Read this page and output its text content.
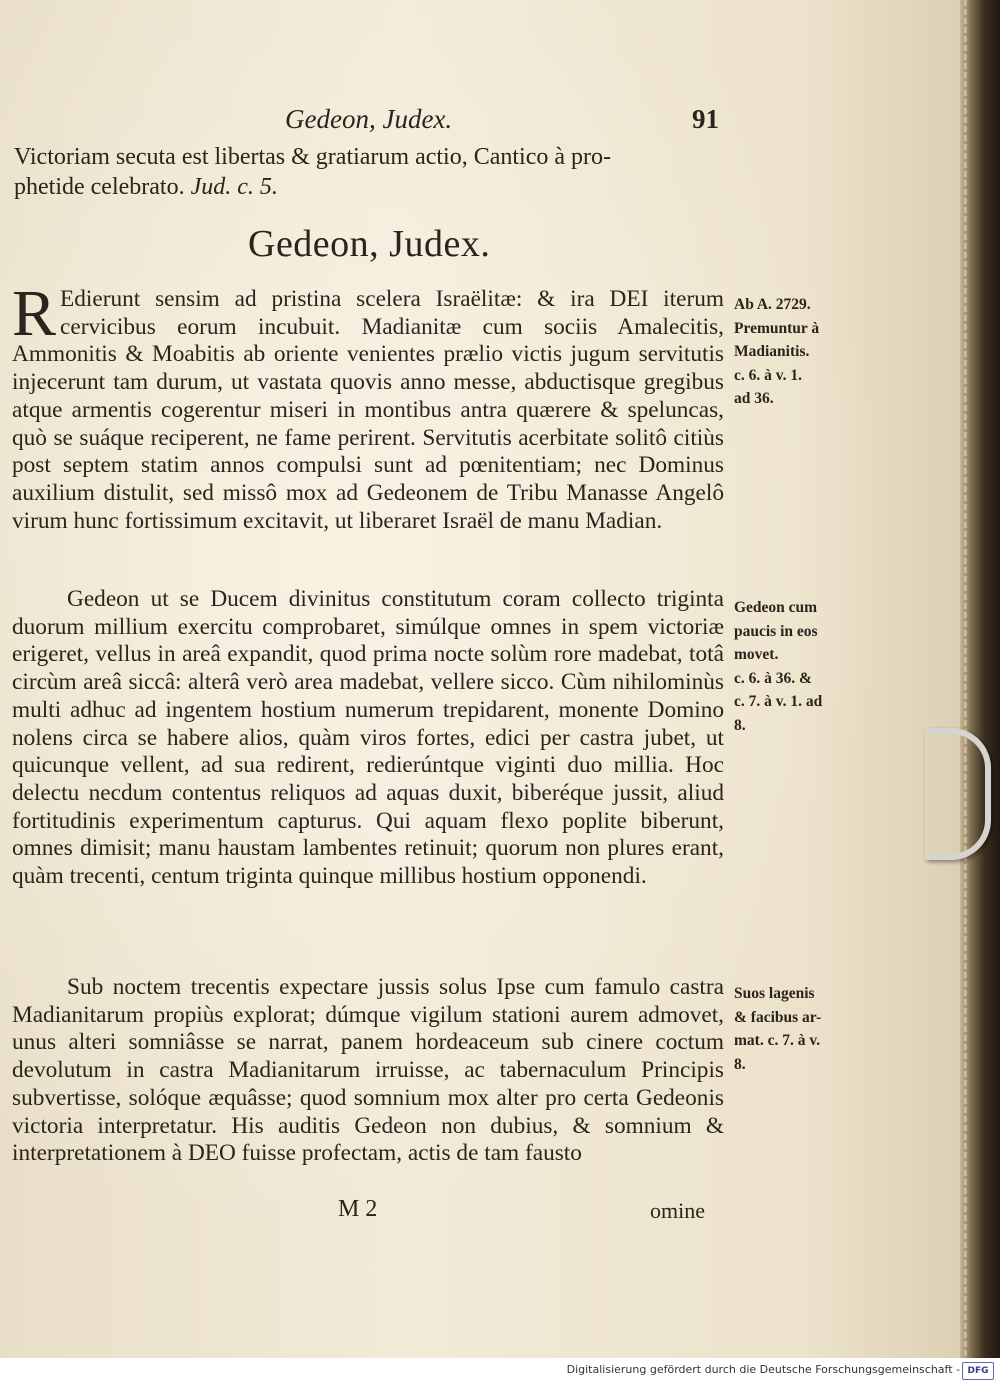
Gedeon, Judex.	91
Victoriam secuta est libertas & gratiarum actio, Cantico à pro-
phetide celebrato. Jud. c. 5.
Gedeon, Judex.

R Edierunt sensim ad pristina scelera Israëlitæ: & ira DEI iterum cervicibus eorum incubuit. Madianitæ cum sociis Amalecitis, Ammonitis & Moabitis ab oriente venientes prælio victis jugum servitutis injecerunt tam durum, ut vastata quovis anno messe, abductisque gregibus atque armentis cogerentur miseri in montibus antra quærere & speluncas, quò se suáque reciperent, ne fame perirent. Servitutis acerbitate solitô citiùs post septem statim annos compulsi sunt ad pœnitentiam; nec Dominus auxilium distulit, sed missô mox ad Gedeonem de Tribu Manasse Angelô virum hunc fortissimum excitavit, ut liberaret Israël de manu Madian.

Gedeon ut se Ducem divinitus constitutum coram collecto triginta duorum millium exercitu comprobaret, simúlque omnes in spem victoriæ erigeret, vellus in areâ expandit, quod prima nocte solùm rore madebat, totâ circùm areâ siccâ: alterâ verò area madebat, vellere sicco. Cùm nihilominùs multi adhuc ad ingentem hostium numerum trepidarent, monente Domino nolens circa se habere alios, quàm viros fortes, edici per castra jubet, ut quicunque vellent, ad sua redirent, redierúntque viginti duo millia. Hoc delectu necdum contentus reliquos ad aquas duxit, biberéque jussit, aliud fortitudinis experimentum capturus. Qui aquam flexo poplite biberunt, omnes dimisit; manu haustam lambentes retinuit; quorum non plures erant, quàm trecenti, centum triginta quinque millibus hostium opponendi.

Sub noctem trecentis expectare jussis solus Ipse cum famulo castra Madianitarum propiùs explorat; dúmque vigilum stationi aurem admovet, unus alteri somniâsse se narrat, panem hordeaceum sub cinere coctum devolutum in castra Madianitarum irruisse, ac tabernaculum Principis subvertisse, solóque æquâsse; quod somnium mox alter pro certa Gedeonis victoria interpretatur. His auditis Gedeon non dubius, & somnium & interpretationem à DEO fuisse profectam, actis de tam fausto

Ab A. 2729.
Premuntur à
Madianitis.
c. 6. à v. 1.
ad 36.
Gedeon cum
paucis in eos
movet.
c. 6. à 36. &
c. 7. à v. 1. ad
8.
Suos lagenis
& facibus ar-
mat. c. 7. à v.
8.
M 2	omine
Digitalisierung gefördert durch die Deutsche Forschungsgemeinschaft - DFG
